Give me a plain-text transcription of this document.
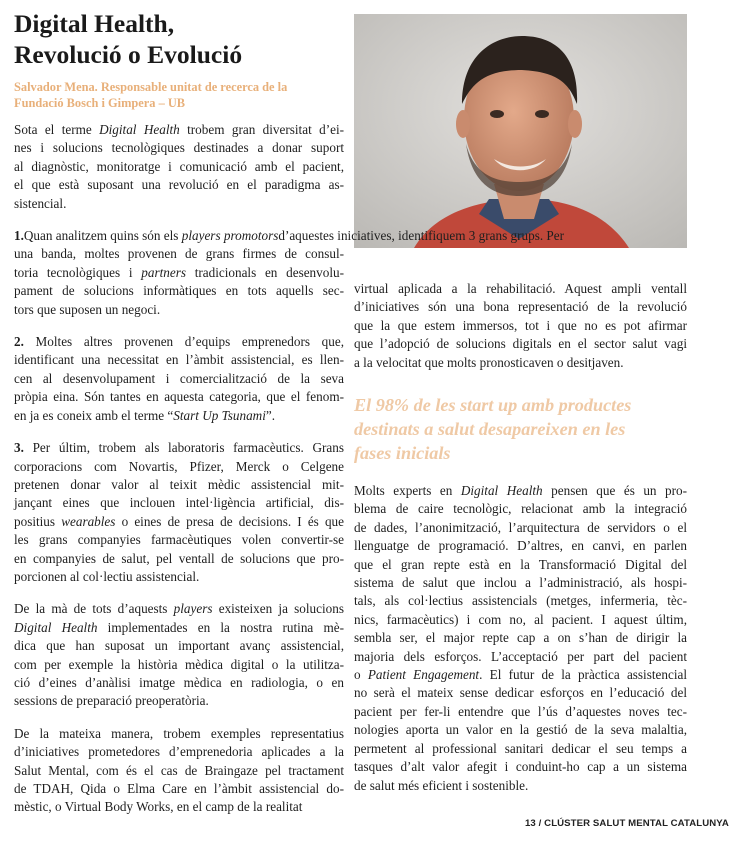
Digital Health,
Revolució o Evolució
Salvador Mena. Responsable unitat de recerca de la
Fundació Bosch i Gimpera – UB

Sota el terme Digital Health trobem gran diversitat d’ei-
nes i solucions tecnològiques destinades a donar suport
al diagnòstic, monitoratge i comunicació amb el pacient,
el que està suposant una revolució en el paradigma as-
sistencial.

1.Quan analitzem quins són els players promotorsd’aquestes iniciatives, identifiquem 3 grans grups. Per
una banda, moltes provenen de grans firmes de consul-
toria tecnològiques i partners tradicionals en desenvolu-
pament de solucions informàtiques en tots aquells sec-
tors que suposen un negoci.

2. Moltes altres provenen d’equips emprenedors que,
identificant una necessitat en l’àmbit assistencial, es llen-
cen al desenvolupament i comercialització de la seva
pròpia eina. Són tantes en aquesta categoria, que el fenom-
en ja es coneix amb el terme “Start Up Tsunami”.

3. Per últim, trobem als laboratoris farmacèutics. Grans
corporacions com Novartis, Pfizer, Merck o Celgene
pretenen donar valor al teixit mèdic assistencial mit-
jançant eines que inclouen intel·ligència artificial, dis-
positius wearables o eines de presa de decisions. I és que
les grans companyies farmacèutiques volen convertir-se
en companyies de salut, pel ventall de solucions que pro-
porcionen al col·lectiu assistencial.

De la mà de tots d’aquests players existeixen ja solucions
Digital Health implementades en la nostra rutina mè-
dica que han suposat un important avanç assistencial,
com per exemple la història mèdica digital o la utilitza-
ció d’eines d’anàlisi imatge mèdica en radiologia, o en
sessions de preparació preoperatòria.

De la mateixa manera, trobem exemples representatius
d’iniciatives prometedores d’emprenedoria aplicades a la
Salut Mental, com és el cas de Braingaze pel tractament
de TDAH, Qida o Elma Care en l’àmbit assistencial do-
mèstic, o Virtual Body Works, en el camp de la realitat

virtual aplicada a la rehabilitació. Aquest ampli ventall
d’iniciatives són una bona representació de la revolució
que la que estem immersos, tot i que no es pot afirmar
que l’adopció de solucions digitals en el sector salut vagi
a la velocitat que molts pronosticaven o desitjaven.

El 98% de les start up amb productes
destinats a salut desapareixen en les
fases inicials

Molts experts en Digital Health pensen que és un pro-
blema de caire tecnològic, relacionat amb la integració
de dades, l’anonimització, l’arquitectura de servidors o el
llenguatge de programació. D’altres, en canvi, en parlen
que el gran repte està en la Transformació Digital del
sistema de salut que inclou a l’administració, als hospi-
tals, als col·lectius assistencials (metges, infermeria, tèc-
nics, farmacèutics) i com no, al pacient. I aquest últim,
sembla ser, el major repte cap a on s’han de dirigir la
majoria dels esforços. L’acceptació per part del pacient
o Patient Engagement. El futur de la pràctica assistencial
no serà el mateix sense dedicar esforços en l’educació del
pacient per fer-li entendre que l’ús d’aquestes noves tec-
nologies aporta un valor en la gestió de la seva malaltia,
permetent al professional sanitari dedicar el seu temps a
tasques d’alt valor afegit i conduint-ho cap a un sistema
de salut més eficient i sostenible.

13 / CLÚSTER SALUT MENTAL CATALUNYA
